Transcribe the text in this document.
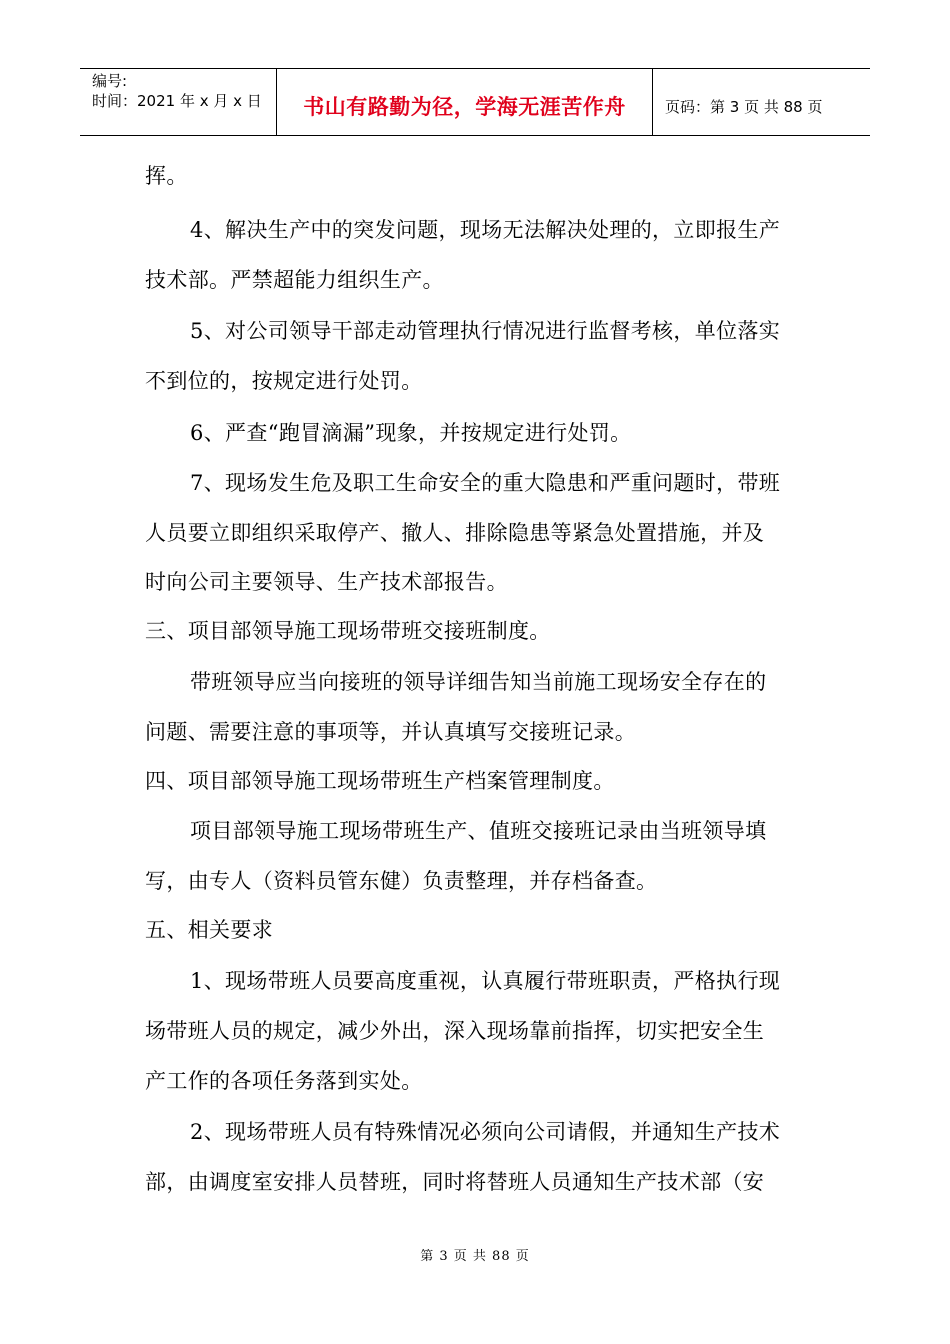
编号:
时间：2021 年 x 月 x 日	书山有路勤为径，学海无涯苦作舟	页码：第 3 页 共 88 页
挥。
4、解决生产中的突发问题，现场无法解决处理的，立即报生产
技术部。严禁超能力组织生产。
5、对公司领导干部走动管理执行情况进行监督考核，单位落实
不到位的，按规定进行处罚。
6、严查“跑冒滴漏”现象，并按规定进行处罚。
7、现场发生危及职工生命安全的重大隐患和严重问题时，带班
人员要立即组织采取停产、撤人、排除隐患等紧急处置措施，并及
时向公司主要领导、生产技术部报告。
三、项目部领导施工现场带班交接班制度。
带班领导应当向接班的领导详细告知当前施工现场安全存在的
问题、需要注意的事项等，并认真填写交接班记录。
四、项目部领导施工现场带班生产档案管理制度。
项目部领导施工现场带班生产、值班交接班记录由当班领导填
写，由专人（资料员管东健）负责整理，并存档备查。
五、相关要求
1、现场带班人员要高度重视，认真履行带班职责，严格执行现
场带班人员的规定，减少外出，深入现场靠前指挥，切实把安全生
产工作的各项任务落到实处。
2、现场带班人员有特殊情况必须向公司请假，并通知生产技术
部，由调度室安排人员替班，同时将替班人员通知生产技术部（安
第 3 页 共 88 页
